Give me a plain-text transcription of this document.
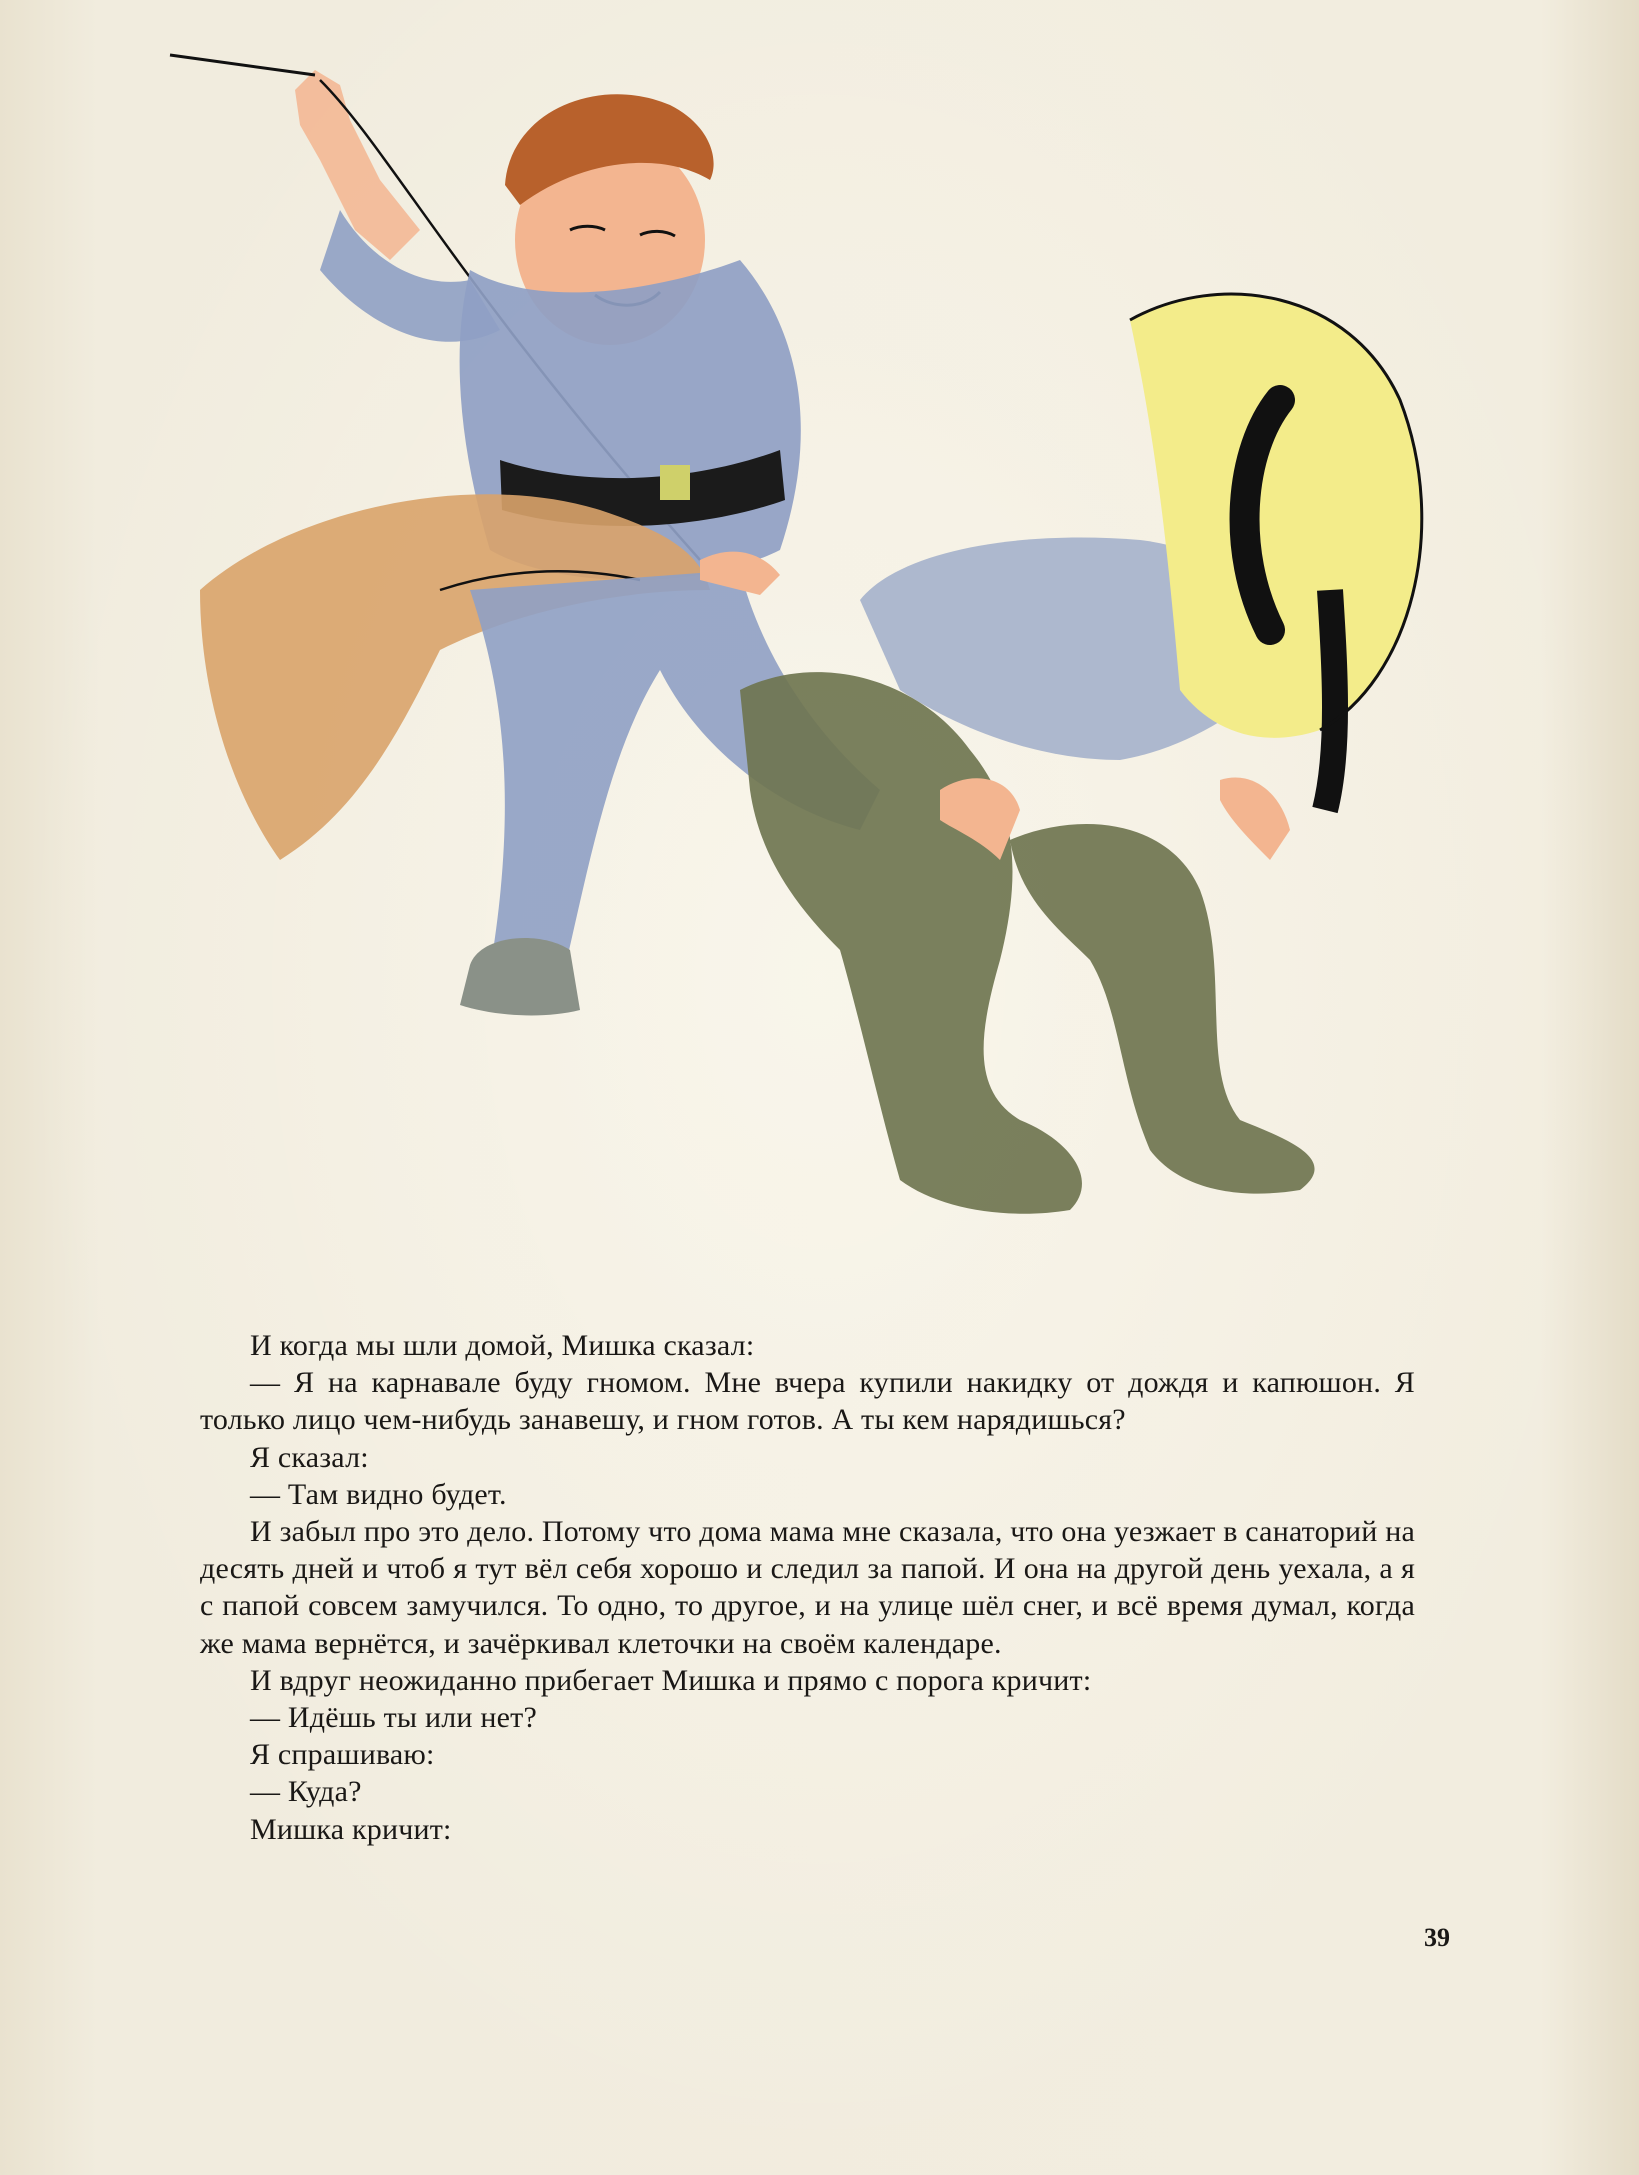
И когда мы шли домой, Мишка сказал:

— Я на карнавале буду гномом. Мне вчера купили накидку от дождя и капюшон. Я только лицо чем-нибудь занавешу, и гном готов. А ты кем нарядишься?

Я сказал:

— Там видно будет.

И забыл про это дело. Потому что дома мама мне сказала, что она уезжает в санаторий на десять дней и чтоб я тут вёл себя хорошо и следил за папой. И она на другой день уехала, а я с папой совсем замучился. То одно, то другое, и на улице шёл снег, и всё время думал, когда же мама вернётся, и зачёркивал клеточки на своём календаре.

И вдруг неожиданно прибегает Мишка и прямо с порога кричит:

— Идёшь ты или нет?

Я спрашиваю:

— Куда?

Мишка кричит:

39
